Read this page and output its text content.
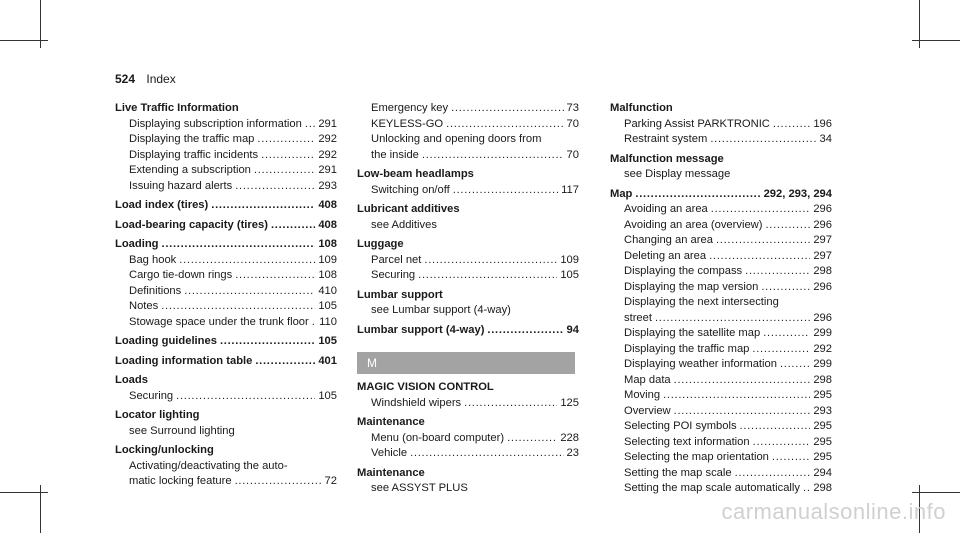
524 Index
Live Traffic Information
Displaying subscription information . . . 291
Displaying the traffic map . . .	292
Displaying traffic incidents . . .	292
Extending a subscription . . .	291
Issuing hazard alerts . . .	293
Load index (tires) . . .	408
Load-bearing capacity (tires) . . .	408
Loading . . .	108
Bag hook . . .	109
Cargo tie-down rings . . .	108
Definitions . . .	410
Notes . . .	105
Stowage space under the trunk floor . . . 110
Loading guidelines . . .	105
Loading information table . . .	401
Loads
Securing . . .	105
Locator lighting
see Surround lighting
Locking/unlocking
Activating/deactivating the auto-
matic locking feature . . .	72
Emergency key . . .	73
KEYLESS-GO . . .	70
Unlocking and opening doors from
the inside . . .	70
Low-beam headlamps
Switching on/off . . .	117
Lubricant additives
see Additives
Luggage
Parcel net . . .	109
Securing . . .	105
Lumbar support
see Lumbar support (4-way)
Lumbar support (4-way) . . .	94
M
MAGIC VISION CONTROL
Windshield wipers . . .	125
Maintenance
Menu (on-board computer) . . .	228
Vehicle . . .	23
Maintenance
see ASSYST PLUS
Malfunction
Parking Assist PARKTRONIC . . .	196
Restraint system . . .	34
Malfunction message
see Display message
Map . . .	292, 293, 294
Avoiding an area . . .	296
Avoiding an area (overview) . . .	296
Changing an area . . .	297
Deleting an area . . .	297
Displaying the compass . . .	298
Displaying the map version . . .	296
Displaying the next intersecting
street . . .	296
Displaying the satellite map . . .	299
Displaying the traffic map . . .	292
Displaying weather information . . .	299
Map data . . .	298
Moving . . .	295
Overview . . .	293
Selecting POI symbols . . .	295
Selecting text information . . .	295
Selecting the map orientation . . .	295
Setting the map scale . . .	294
Setting the map scale automatically . . . 298
carmanualsonline.info
